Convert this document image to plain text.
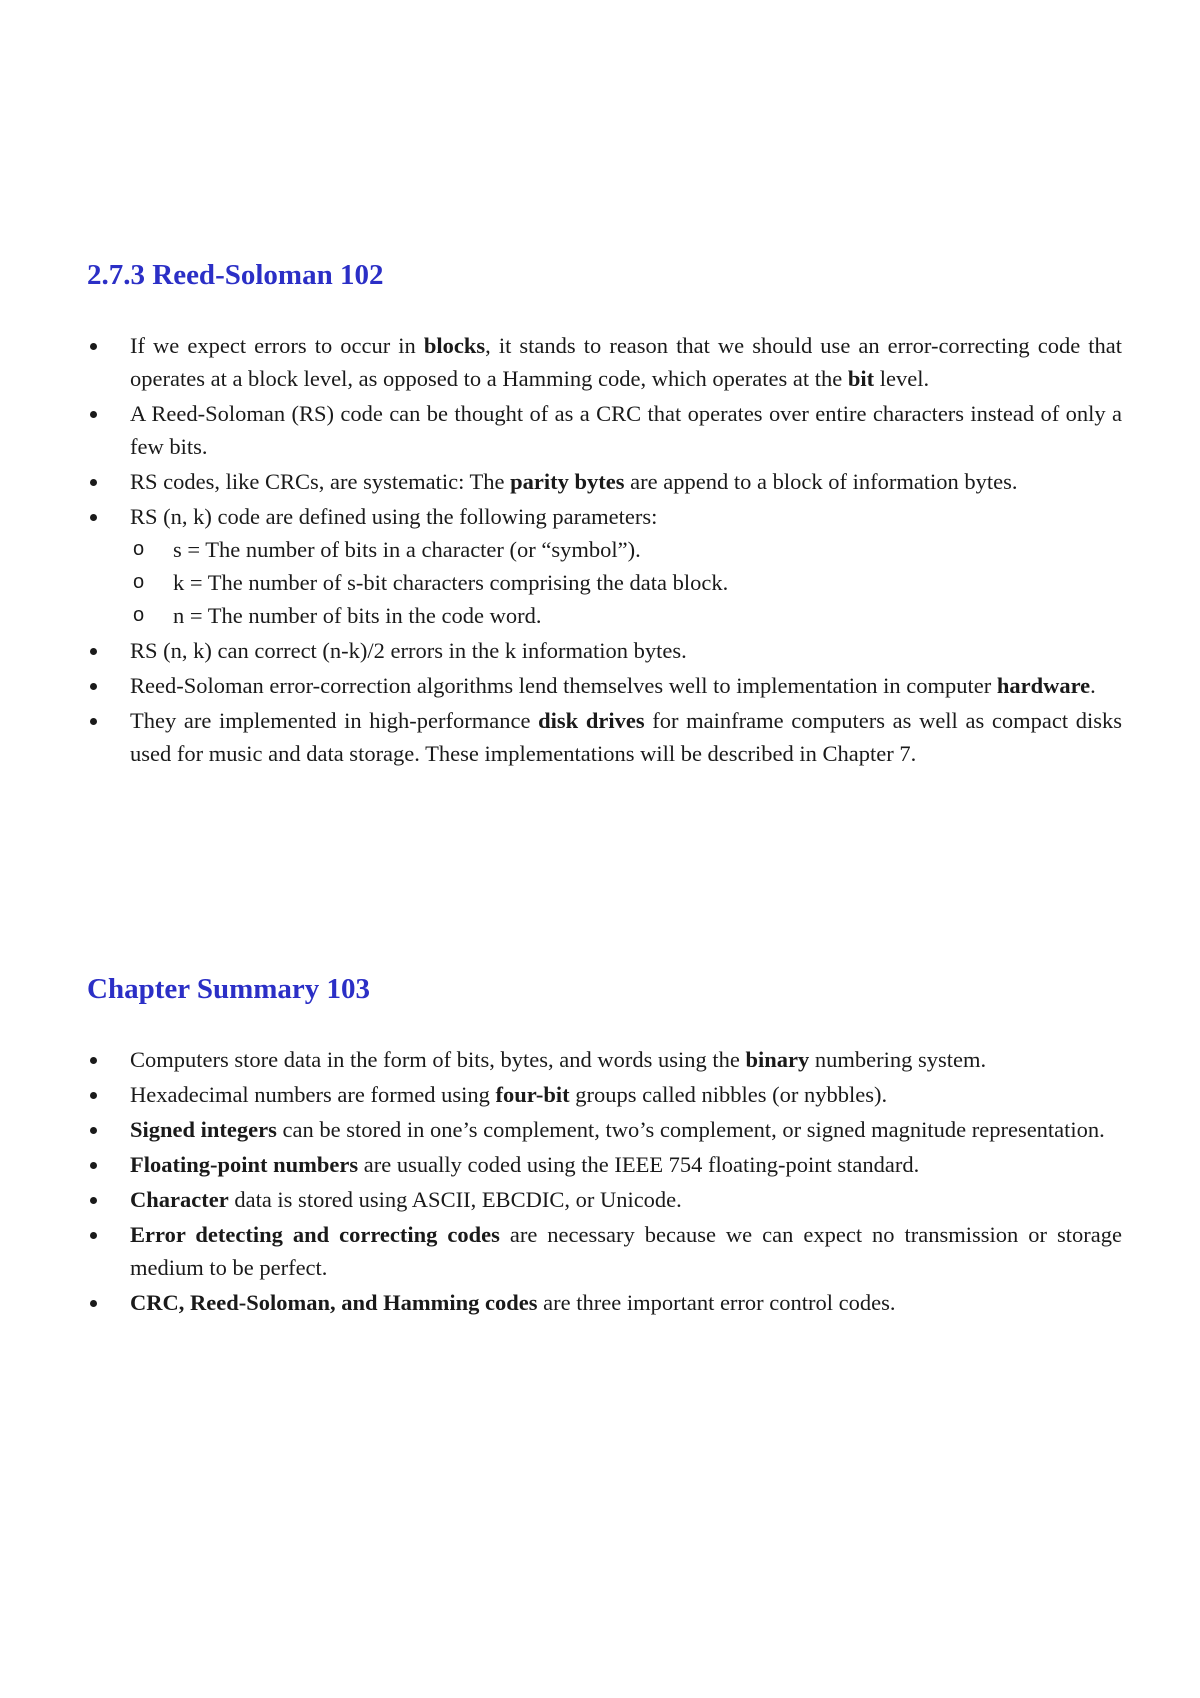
2.7.3 Reed-Soloman 102
If we expect errors to occur in blocks, it stands to reason that we should use an error-correcting code that operates at a block level, as opposed to a Hamming code, which operates at the bit level.
A Reed-Soloman (RS) code can be thought of as a CRC that operates over entire characters instead of only a few bits.
RS codes, like CRCs, are systematic: The parity bytes are append to a block of information bytes.
RS (n, k) code are defined using the following parameters:
o s = The number of bits in a character (or “symbol”).
o k = The number of s-bit characters comprising the data block.
o n = The number of bits in the code word.
RS (n, k) can correct (n-k)/2 errors in the k information bytes.
Reed-Soloman error-correction algorithms lend themselves well to implementation in computer hardware.
They are implemented in high-performance disk drives for mainframe computers as well as compact disks used for music and data storage. These implementations will be described in Chapter 7.
Chapter Summary 103
Computers store data in the form of bits, bytes, and words using the binary numbering system.
Hexadecimal numbers are formed using four-bit groups called nibbles (or nybbles).
Signed integers can be stored in one’s complement, two’s complement, or signed magnitude representation.
Floating-point numbers are usually coded using the IEEE 754 floating-point standard.
Character data is stored using ASCII, EBCDIC, or Unicode.
Error detecting and correcting codes are necessary because we can expect no transmission or storage medium to be perfect.
CRC, Reed-Soloman, and Hamming codes are three important error control codes.
